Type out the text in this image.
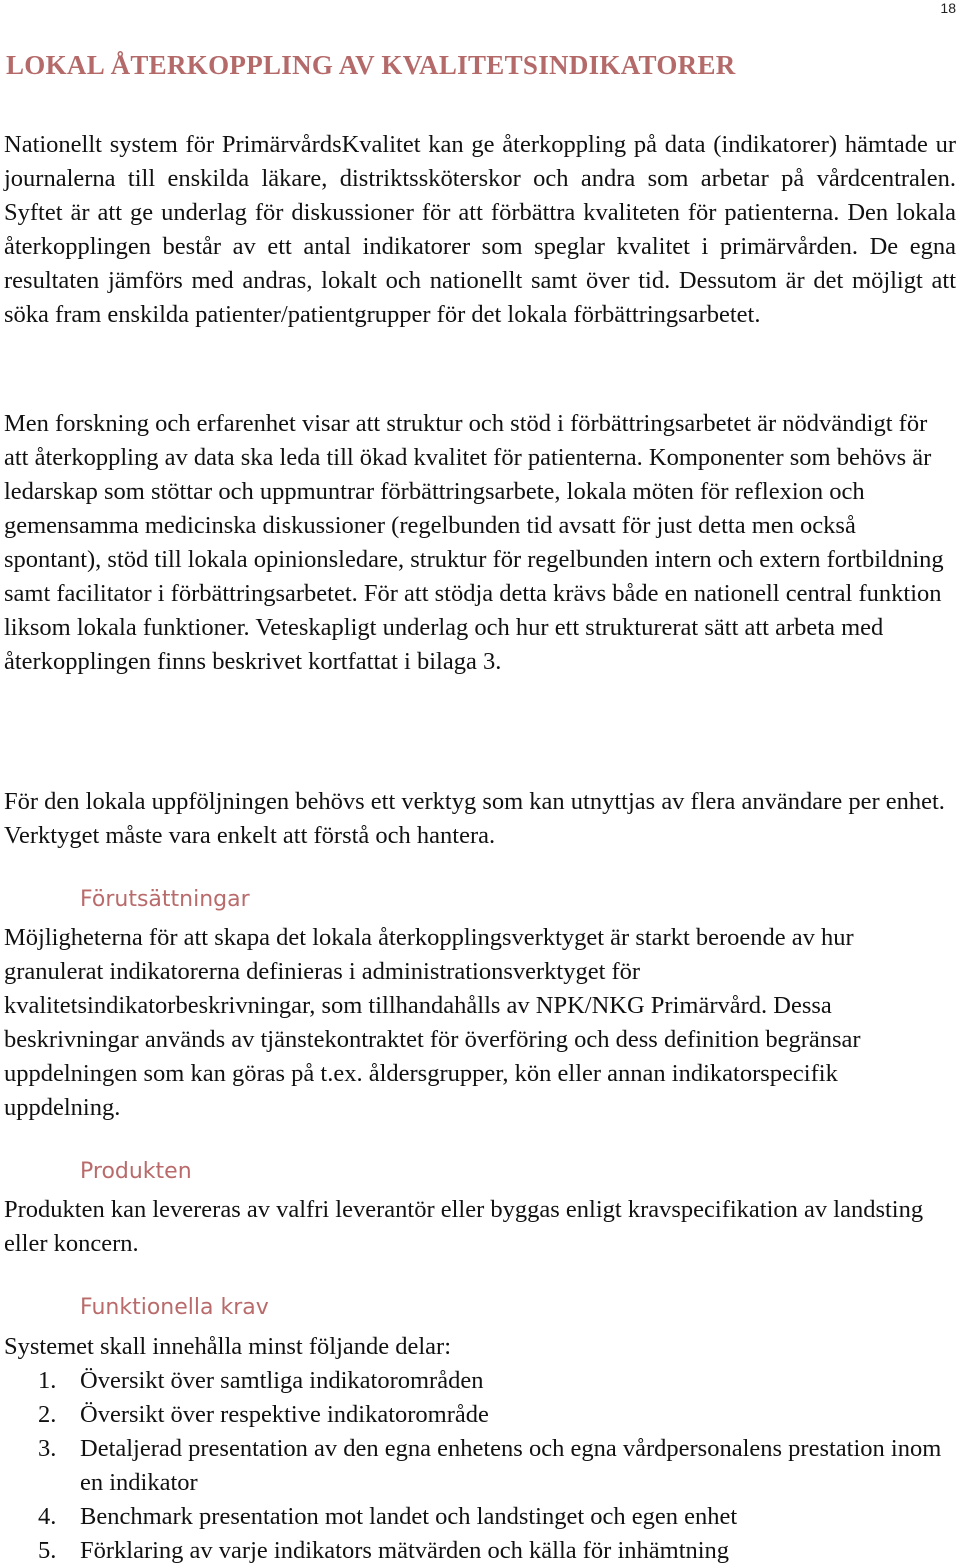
18
LOKAL ÅTERKOPPLING AV KVALITETSINDIKATORER

Nationellt system för PrimärvårdsKvalitet kan ge återkoppling på data (indikatorer) hämtade ur journalerna till enskilda läkare, distriktssköterskor och andra som arbetar på vårdcentralen. Syftet är att ge underlag för diskussioner för att förbättra kvaliteten för patienterna. Den lokala återkopplingen består av ett antal indikatorer som speglar kvalitet i primärvården. De egna resultaten jämförs med andras, lokalt och nationellt samt över tid. Dessutom är det möjligt att söka fram enskilda patienter/patientgrupper för det lokala förbättringsarbetet.

Men forskning och erfarenhet visar att struktur och stöd i förbättringsarbetet är nödvändigt för att återkoppling av data ska leda till ökad kvalitet för patienterna. Komponenter som behövs är ledarskap som stöttar och uppmuntrar förbättringsarbete, lokala möten för reflexion och gemensamma medicinska diskussioner (regelbunden tid avsatt för just detta men också spontant), stöd till lokala opinionsledare, struktur för regelbunden intern och extern fortbildning samt facilitator i förbättringsarbetet. För att stödja detta krävs både en nationell central funktion liksom lokala funktioner. Veteskapligt underlag och hur ett strukturerat sätt att arbeta med återkopplingen finns beskrivet kortfattat i bilaga 3.

För den lokala uppföljningen behövs ett verktyg som kan utnyttjas av flera användare per enhet. Verktyget måste vara enkelt att förstå och hantera.

Förutsättningar

Möjligheterna för att skapa det lokala återkopplingsverktyget är starkt beroende av hur granulerat indikatorerna definieras i administrationsverktyget för kvalitetsindikatorbeskrivningar, som tillhandahålls av NPK/NKG Primärvård. Dessa beskrivningar används av tjänstekontraktet för överföring och dess definition begränsar uppdelningen som kan göras på t.ex. åldersgrupper, kön eller annan indikatorspecifik uppdelning.

Produkten

Produkten kan levereras av valfri leverantör eller byggas enligt kravspecifikation av landsting eller koncern.

Funktionella krav

Systemet skall innehålla minst följande delar:

1. Översikt över samtliga indikatorområden
2. Översikt över respektive indikatorområde
3. Detaljerad presentation av den egna enhetens och egna vårdpersonalens prestation inom en indikator
4. Benchmark presentation mot landet och landstinget och egen enhet
5. Förklaring av varje indikators mätvärden och källa för inhämtning
